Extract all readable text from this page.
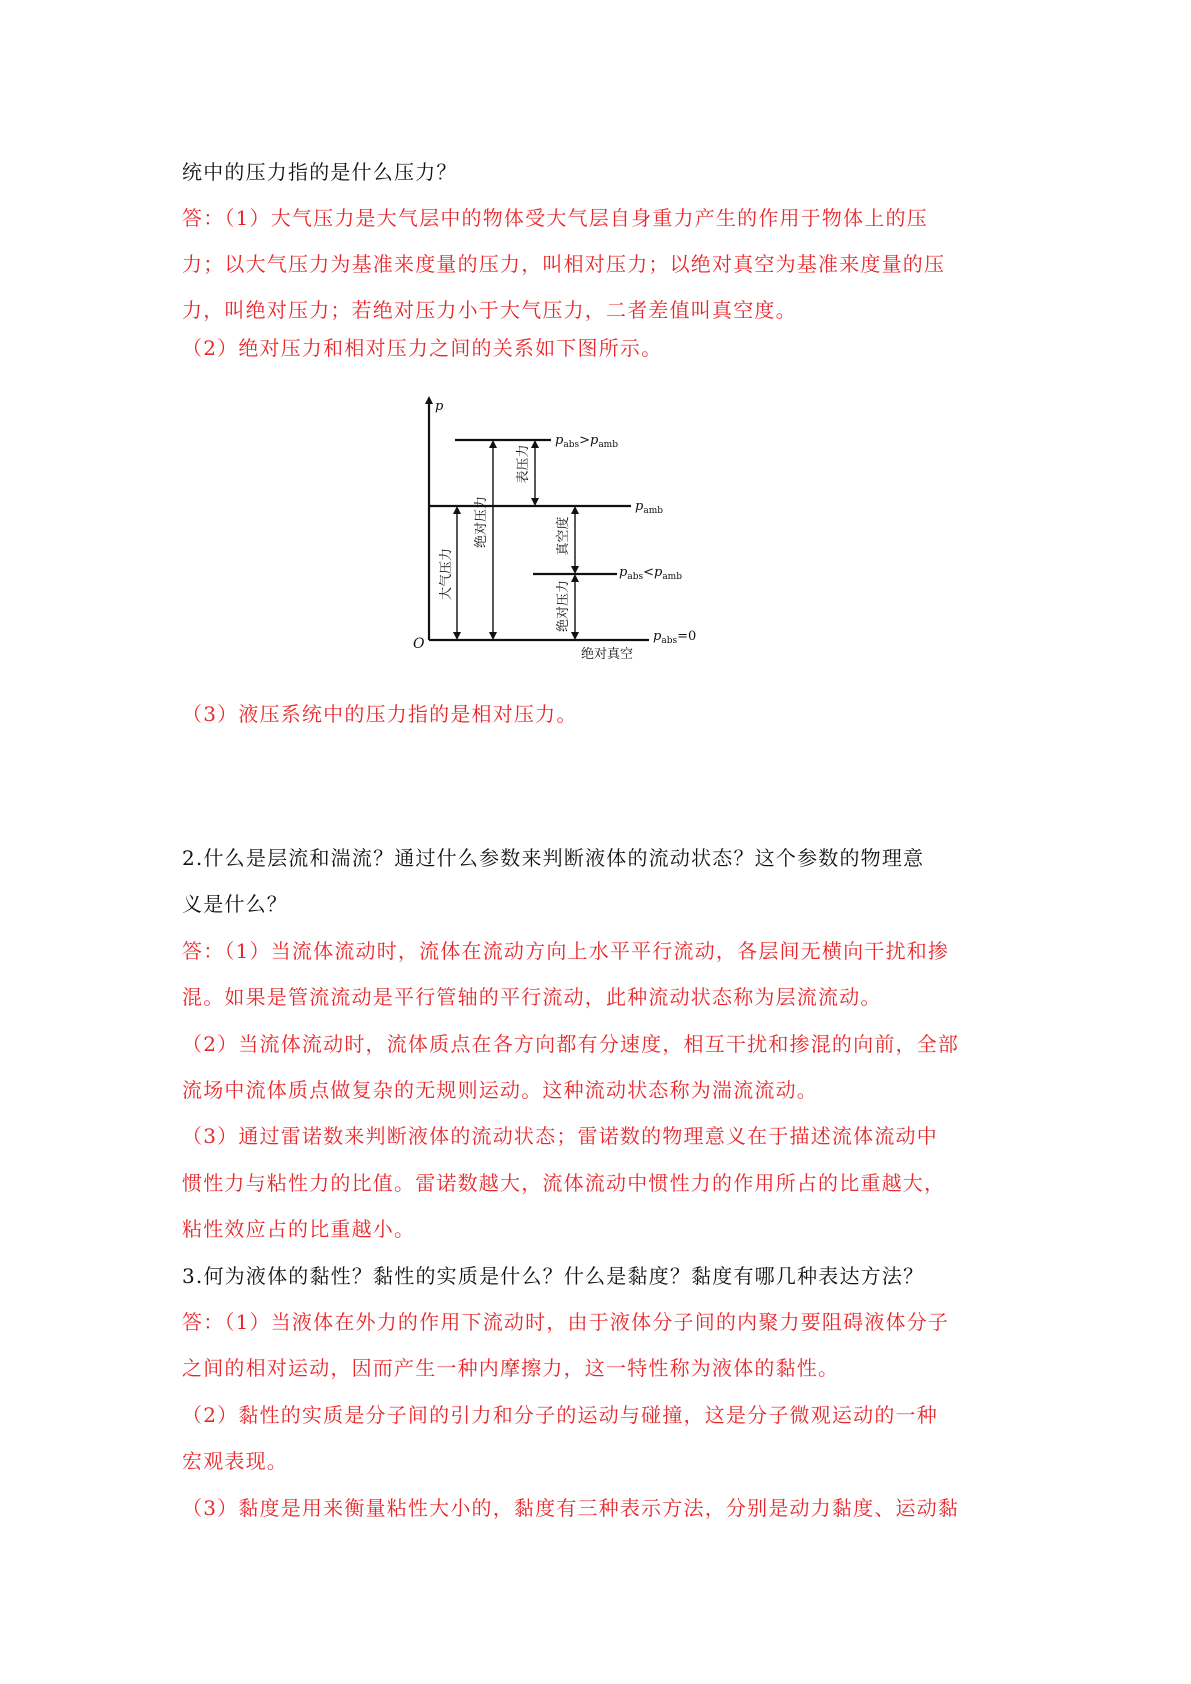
统中的压力指的是什么压力？
答：（1）大气压力是大气层中的物体受大气层自身重力产生的作用于物体上的压
力；以大气压力为基准来度量的压力，叫相对压力；以绝对真空为基准来度量的压
力，叫绝对压力；若绝对压力小于大气压力，二者差值叫真空度。
（2）绝对压力和相对压力之间的关系如下图所示。
p
O
大气压力
绝对压力
表压力
真空度
绝对压力
$p_{abs}>p_{amb}$
$p_{amb}$
$p_{abs}<p_{amb}$
$p_{abs}=0$
绝对真空
（3）液压系统中的压力指的是相对压力。
2.什么是层流和湍流？通过什么参数来判断液体的流动状态？这个参数的物理意
义是什么？
答：（1）当流体流动时，流体在流动方向上水平平行流动，各层间无横向干扰和掺
混。如果是管流流动是平行管轴的平行流动，此种流动状态称为层流流动。
（2）当流体流动时，流体质点在各方向都有分速度，相互干扰和掺混的向前，全部
流场中流体质点做复杂的无规则运动。这种流动状态称为湍流流动。
（3）通过雷诺数来判断液体的流动状态；雷诺数的物理意义在于描述流体流动中
惯性力与粘性力的比值。雷诺数越大，流体流动中惯性力的作用所占的比重越大，
粘性效应占的比重越小。
3.何为液体的黏性？黏性的实质是什么？什么是黏度？黏度有哪几种表达方法？
答：（1）当液体在外力的作用下流动时，由于液体分子间的内聚力要阻碍液体分子
之间的相对运动，因而产生一种内摩擦力，这一特性称为液体的黏性。
（2）黏性的实质是分子间的引力和分子的运动与碰撞，这是分子微观运动的一种
宏观表现。
（3）黏度是用来衡量粘性大小的，黏度有三种表示方法，分别是动力黏度、运动黏
